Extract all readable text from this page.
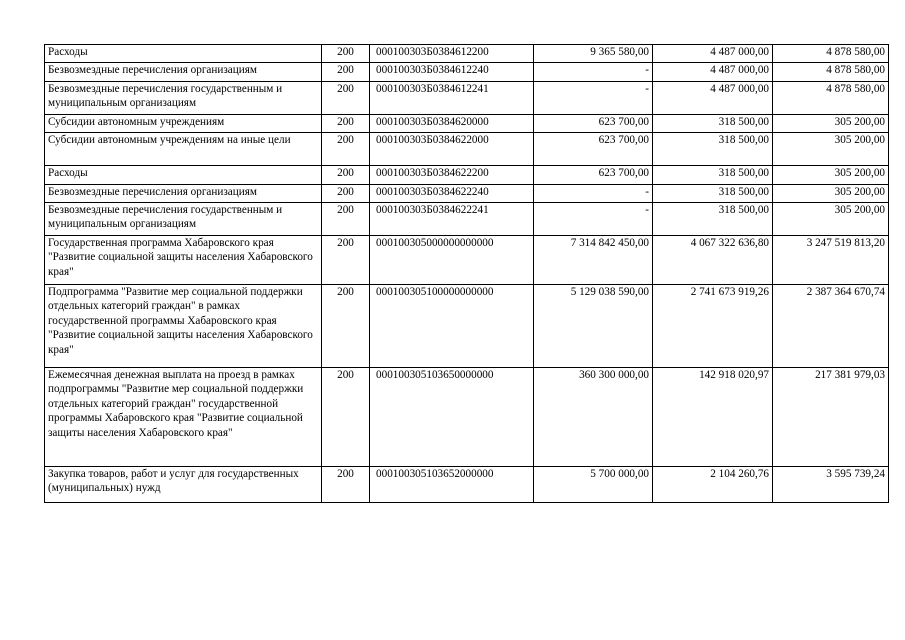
Расходы	200	000100303Б0384612200	9 365 580,00	4 487 000,00	4 878 580,00
Безвозмездные перечисления организациям	200	000100303Б0384612240	-	4 487 000,00	4 878 580,00
Безвозмездные перечисления государственным и муниципальным организациям	200	000100303Б0384612241	-	4 487 000,00	4 878 580,00
Субсидии автономным учреждениям	200	000100303Б0384620000	623 700,00	318 500,00	305 200,00
Субсидии автономным учреждениям на иные цели	200	000100303Б0384622000	623 700,00	318 500,00	305 200,00
Расходы	200	000100303Б0384622200	623 700,00	318 500,00	305 200,00
Безвозмездные перечисления организациям	200	000100303Б0384622240	-	318 500,00	305 200,00
Безвозмездные перечисления государственным и муниципальным организациям	200	000100303Б0384622241	-	318 500,00	305 200,00
Государственная программа Хабаровского края "Развитие социальной защиты населения Хабаровского края"	200	000100305000000000000	7 314 842 450,00	4 067 322 636,80	3 247 519 813,20
Подпрограмма "Развитие мер социальной поддержки отдельных категорий граждан" в рамках государственной программы Хабаровского края "Развитие социальной защиты населения Хабаровского края"	200	000100305100000000000	5 129 038 590,00	2 741 673 919,26	2 387 364 670,74
Ежемесячная денежная выплата на проезд в рамках подпрограммы "Развитие мер социальной поддержки отдельных категорий граждан" государственной программы Хабаровского края "Развитие социальной защиты населения Хабаровского края"	200	000100305103650000000	360 300 000,00	142 918 020,97	217 381 979,03
Закупка товаров, работ и услуг для государственных (муниципальных) нужд	200	000100305103652000000	5 700 000,00	2 104 260,76	3 595 739,24
